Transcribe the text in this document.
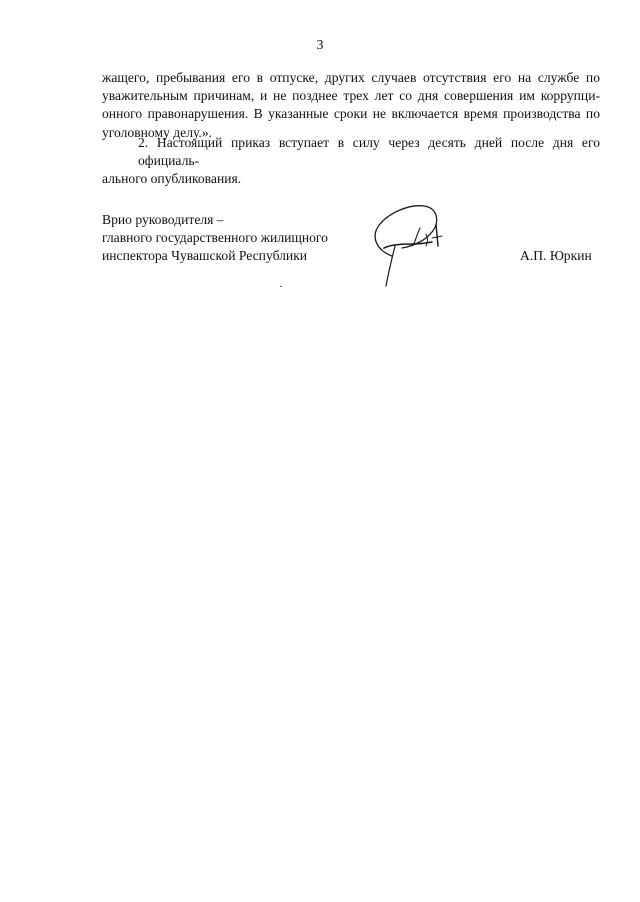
3
жащего, пребывания его в отпуске, других случаев отсутствия его на службе по
уважительным причинам, и не позднее трех лет со дня совершения им коррупци-
онного правонарушения. В указанные сроки не включается время производства по
уголовному делу.».
2. Настоящий приказ вступает в силу через десять дней после дня его официаль-
ального опубликования.
Врио руководителя –
главного государственного жилищного
инспектора Чувашской Республики	А.П. Юркин
